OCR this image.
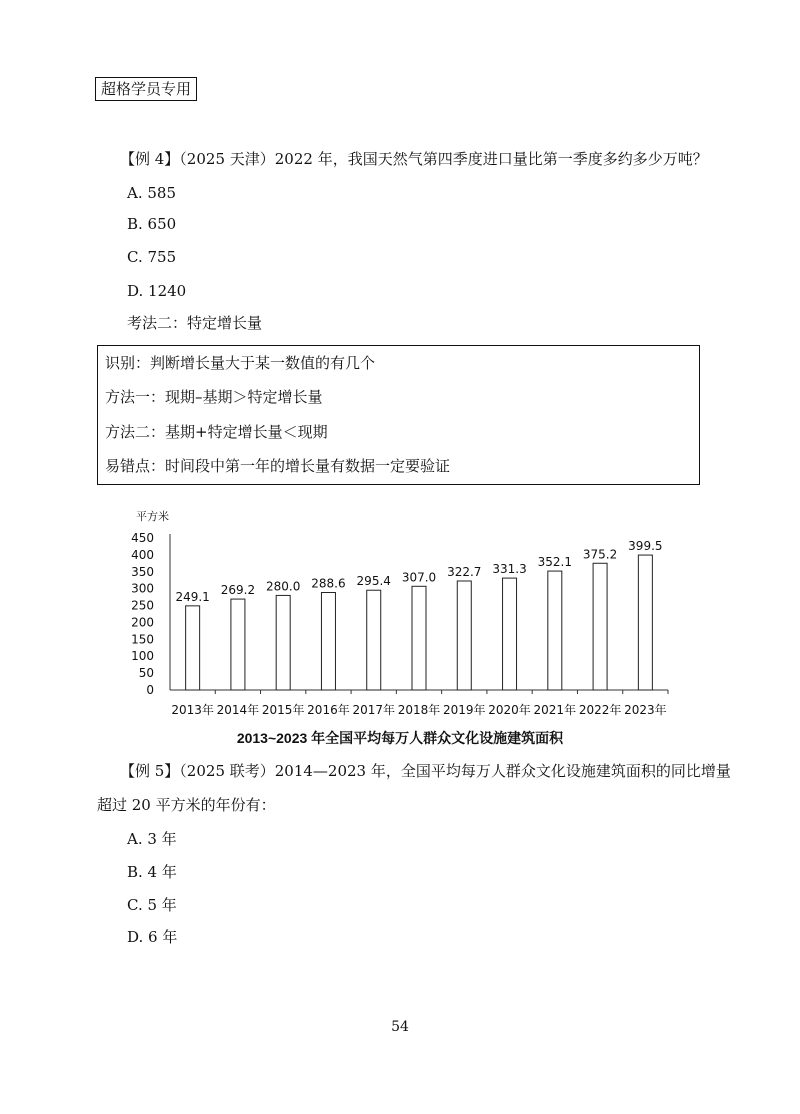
超格学员专用
【例 4】（2025 天津）2022 年，我国天然气第四季度进口量比第一季度多约多少万吨？
A. 585
B. 650
C. 755
D. 1240
考法二：特定增长量
识别：判断增长量大于某一数值的有几个
方法一：现期–基期＞特定增长量
方法二：基期+特定增长量＜现期
易错点：时间段中第一年的增长量有数据一定要验证
平方米
0
50
100
150
200
250
300
350
400
450
249.1
2013年
269.2
2014年
280.0
2015年
288.6
2016年
295.4
2017年
307.0
2018年
322.7
2019年
331.3
2020年
352.1
2021年
375.2
2022年
399.5
2023年
2013~2023 年全国平均每万人群众文化设施建筑面积
【例 5】（2025 联考）2014—2023 年，全国平均每万人群众文化设施建筑面积的同比增量
超过 20 平方米的年份有：
A. 3 年
B. 4 年
C. 5 年
D. 6 年
54
